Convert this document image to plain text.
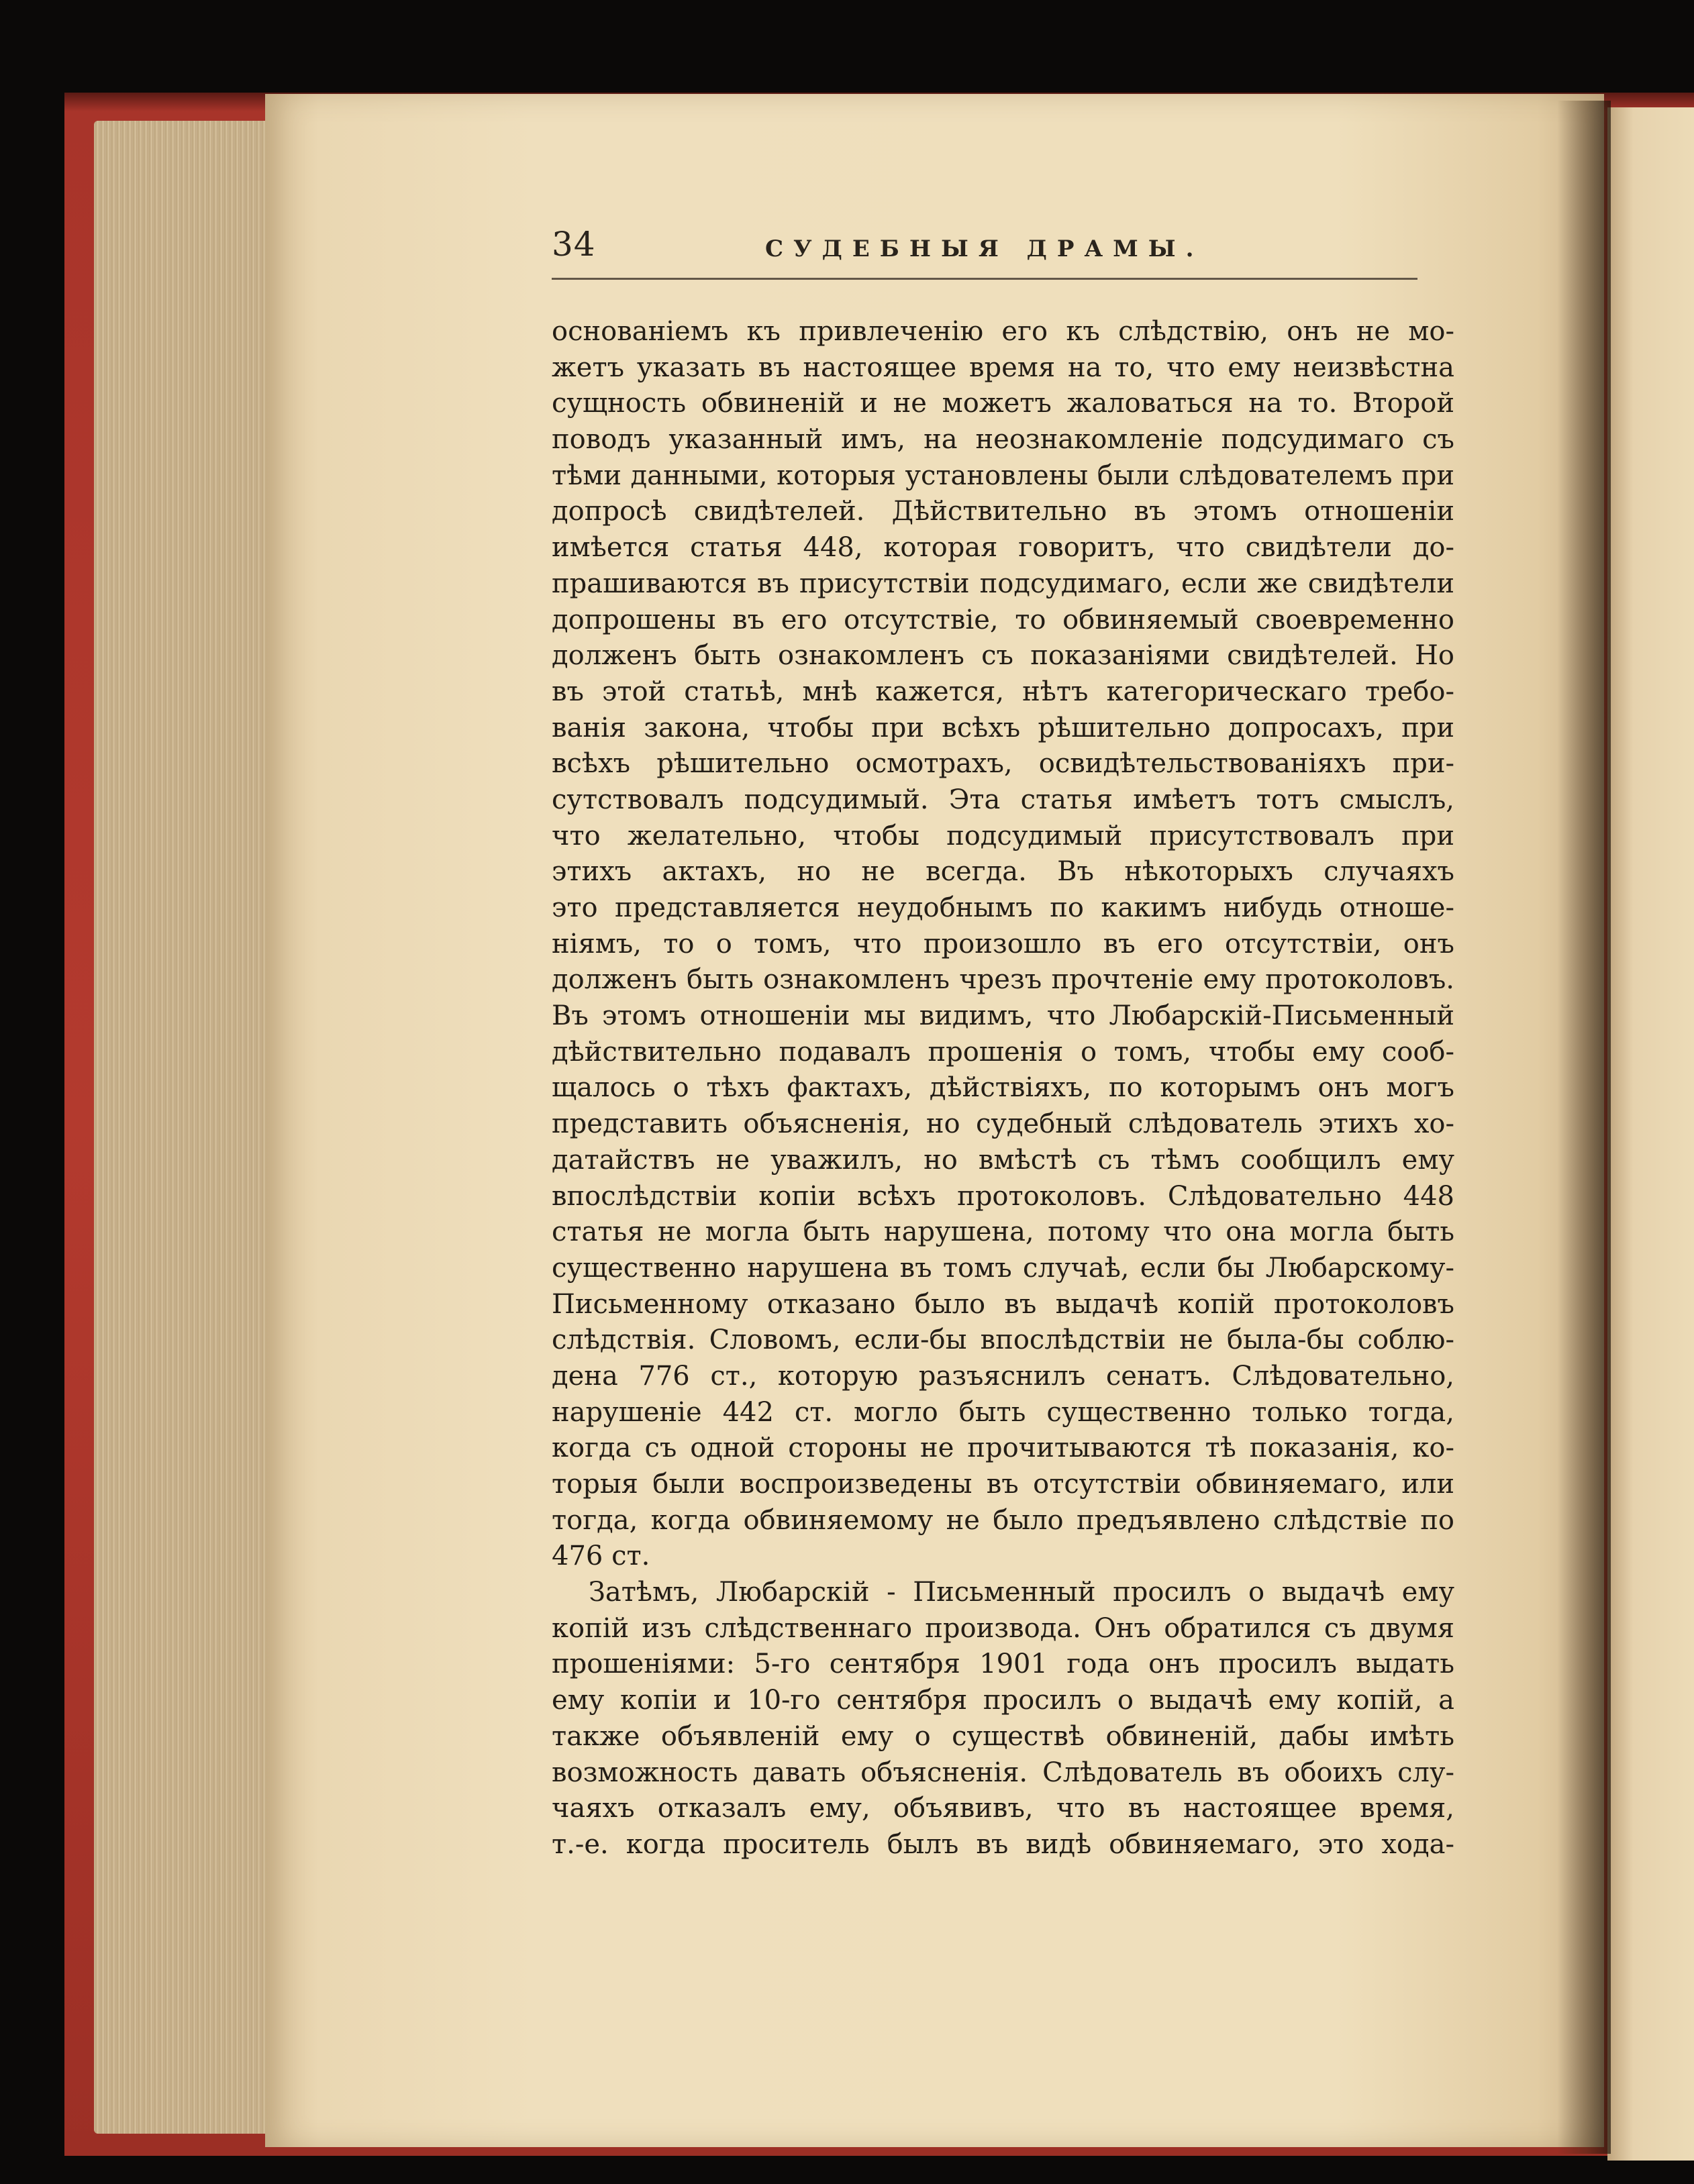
34	СУДЕБНЫЯ ДРАМЫ.
основаніемъ къ привлеченію его къ слѣдствію, онъ не мо-
жетъ указать въ настоящее время на то, что ему неизвѣстна
сущность обвиненій и не можетъ жаловаться на то. Второй
поводъ указанный имъ, на неознакомленіе подсудимаго съ
тѣми данными, которыя установлены были слѣдователемъ при
допросѣ свидѣтелей. Дѣйствительно въ этомъ отношеніи
имѣется статья 448, которая говоритъ, что свидѣтели до-
прашиваются въ присутствіи подсудимаго, если же свидѣтели
допрошены въ его отсутствіе, то обвиняемый своевременно
долженъ быть ознакомленъ съ показаніями свидѣтелей. Но
въ этой статьѣ, мнѣ кажется, нѣтъ категорическаго требо-
ванія закона, чтобы при всѣхъ рѣшительно допросахъ, при
всѣхъ рѣшительно осмотрахъ, освидѣтельствованіяхъ при-
сутствовалъ подсудимый. Эта статья имѣетъ тотъ смыслъ,
что желательно, чтобы подсудимый присутствовалъ при
этихъ актахъ, но не всегда. Въ нѣкоторыхъ случаяхъ
это представляется неудобнымъ по какимъ нибудь отноше-
ніямъ, то о томъ, что произошло въ его отсутствіи, онъ
долженъ быть ознакомленъ чрезъ прочтеніе ему протоколовъ.
Въ этомъ отношеніи мы видимъ, что Любарскій-Письменный
дѣйствительно подавалъ прошенія о томъ, чтобы ему сооб-
щалось о тѣхъ фактахъ, дѣйствіяхъ, по которымъ онъ могъ
представить объясненія, но судебный слѣдователь этихъ хо-
датайствъ не уважилъ, но вмѣстѣ съ тѣмъ сообщилъ ему
впослѣдствіи копіи всѣхъ протоколовъ. Слѣдовательно 448
статья не могла быть нарушена, потому что она могла быть
существенно нарушена въ томъ случаѣ, если бы Любарскому-
Письменному отказано было въ выдачѣ копій протоколовъ
слѣдствія. Словомъ, если-бы впослѣдствіи не была-бы соблю-
дена 776 ст., которую разъяснилъ сенатъ. Слѣдовательно,
нарушеніе 442 ст. могло быть существенно только тогда,
когда съ одной стороны не прочитываются тѣ показанія, ко-
торыя были воспроизведены въ отсутствіи обвиняемаго, или
тогда, когда обвиняемому не было предъявлено слѣдствіе по
476 ст.
Затѣмъ, Любарскій - Письменный просилъ о выдачѣ ему
копій изъ слѣдственнаго производа. Онъ обратился съ двумя
прошеніями: 5-го сентября 1901 года онъ просилъ выдать
ему копіи и 10-го сентября просилъ о выдачѣ ему копій, а
также объявленій ему о существѣ обвиненій, дабы имѣть
возможность давать объясненія. Слѣдователь въ обоихъ слу-
чаяхъ отказалъ ему, объявивъ, что въ настоящее время,
т.-е. когда проситель былъ въ видѣ обвиняемаго, это хода-
